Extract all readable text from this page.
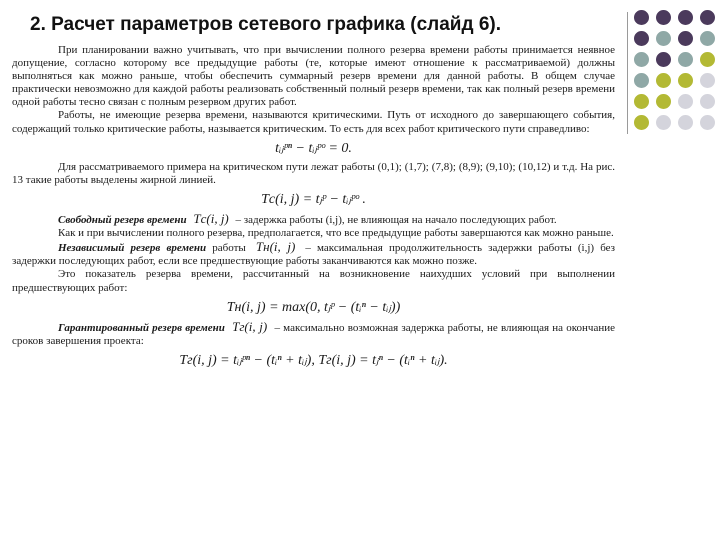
2. Расчет параметров сетевого графика (слайд 6).

При планировании важно учитывать, что при вычислении полного резерва времени работы принимается неявное допущение, согласно которому все предыдущие работы (те, которые имеют отношение к рассматриваемой) должны выполняться как можно раньше, чтобы обеспечить суммарный резерв времени для данной работы. В общем случае практически невозможно для каждой работы реализовать собственный полный резерв времени, так как полный резерв времени одной работы тесно связан с полным резервом других работ.

Работы, не имеющие резерва времени, называются критическими. Путь от исходного до завершающего события, содержащий только критические работы, называется критическим. То есть для всех работ критического пути справедливо:

tᵢⱼᵖⁿ − tᵢⱼᵖᵒ = 0.

Для рассматриваемого примера на критическом пути лежат работы (0,1); (1,7); (7,8); (8,9); (9,10); (10,12) и т.д. На рис. 13 такие работы выделены жирной линией.

Tс(i, j) = tⱼᵖ − tᵢⱼᵖᵒ .

Свободный резерв времени Tс(i, j) – задержка работы (i,j), не влияющая на начало последующих работ.

Как и при вычислении полного резерва, предполагается, что все предыдущие работы завершаются как можно раньше.

Независимый резерв времени работы Tн(i, j) – максимальная продолжительность задержки работы (i,j) без задержки последующих работ, если все предшествующие работы заканчиваются как можно позже.

Это показатель резерва времени, рассчитанный на возникновение наихудших условий при выполнении предшествующих работ:

Tн(i, j) = max(0, tⱼᵖ − (tᵢⁿ − tᵢⱼ))

Гарантированный резерв времени Tг(i, j) – максимально возможная задержка работы, не влияющая на окончание сроков завершения проекта:

Tг(i, j) = tᵢⱼᵖⁿ − (tᵢⁿ + tᵢⱼ), Tг(i, j) = tⱼⁿ − (tᵢⁿ + tᵢⱼ).
